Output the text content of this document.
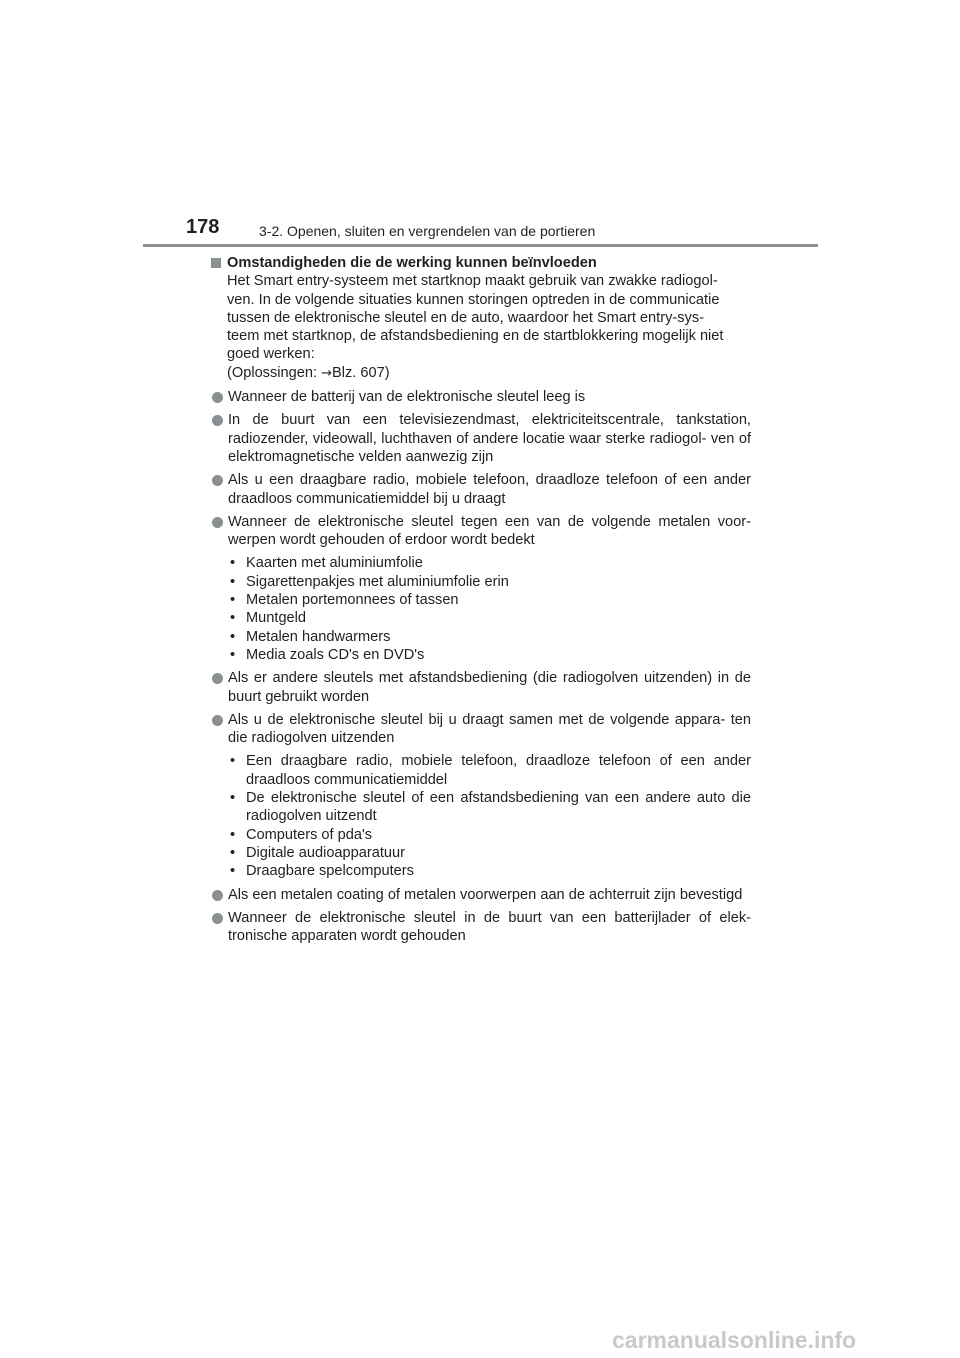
178	3-2. Openen, sluiten en vergrendelen van de portieren
Omstandigheden die de werking kunnen beïnvloeden
Het Smart entry-systeem met startknop maakt gebruik van zwakke radiogol-
ven. In de volgende situaties kunnen storingen optreden in de communicatie
tussen de elektronische sleutel en de auto, waardoor het Smart entry-sys-
teem met startknop, de afstandsbediening en de startblokkering mogelijk niet
goed werken:
(Oplossingen: →Blz. 607)
Wanneer de batterij van de elektronische sleutel leeg is
In de buurt van een televisiezendmast, elektriciteitscentrale, tankstation, radiozender, videowall, luchthaven of andere locatie waar sterke radiogol- ven of elektromagnetische velden aanwezig zijn
Als u een draagbare radio, mobiele telefoon, draadloze telefoon of een ander draadloos communicatiemiddel bij u draagt
Wanneer de elektronische sleutel tegen een van de volgende metalen voor- werpen wordt gehouden of erdoor wordt bedekt
• Kaarten met aluminiumfolie
• Sigarettenpakjes met aluminiumfolie erin
• Metalen portemonnees of tassen
• Muntgeld
• Metalen handwarmers
• Media zoals CD's en DVD's
Als er andere sleutels met afstandsbediening (die radiogolven uitzenden) in de buurt gebruikt worden
Als u de elektronische sleutel bij u draagt samen met de volgende appara- ten die radiogolven uitzenden
• Een draagbare radio, mobiele telefoon, draadloze telefoon of een ander draadloos communicatiemiddel
• De elektronische sleutel of een afstandsbediening van een andere auto die radiogolven uitzendt
• Computers of pda's
• Digitale audioapparatuur
• Draagbare spelcomputers
Als een metalen coating of metalen voorwerpen aan de achterruit zijn bevestigd
Wanneer de elektronische sleutel in de buurt van een batterijlader of elek- tronische apparaten wordt gehouden
carmanualsonline.info
